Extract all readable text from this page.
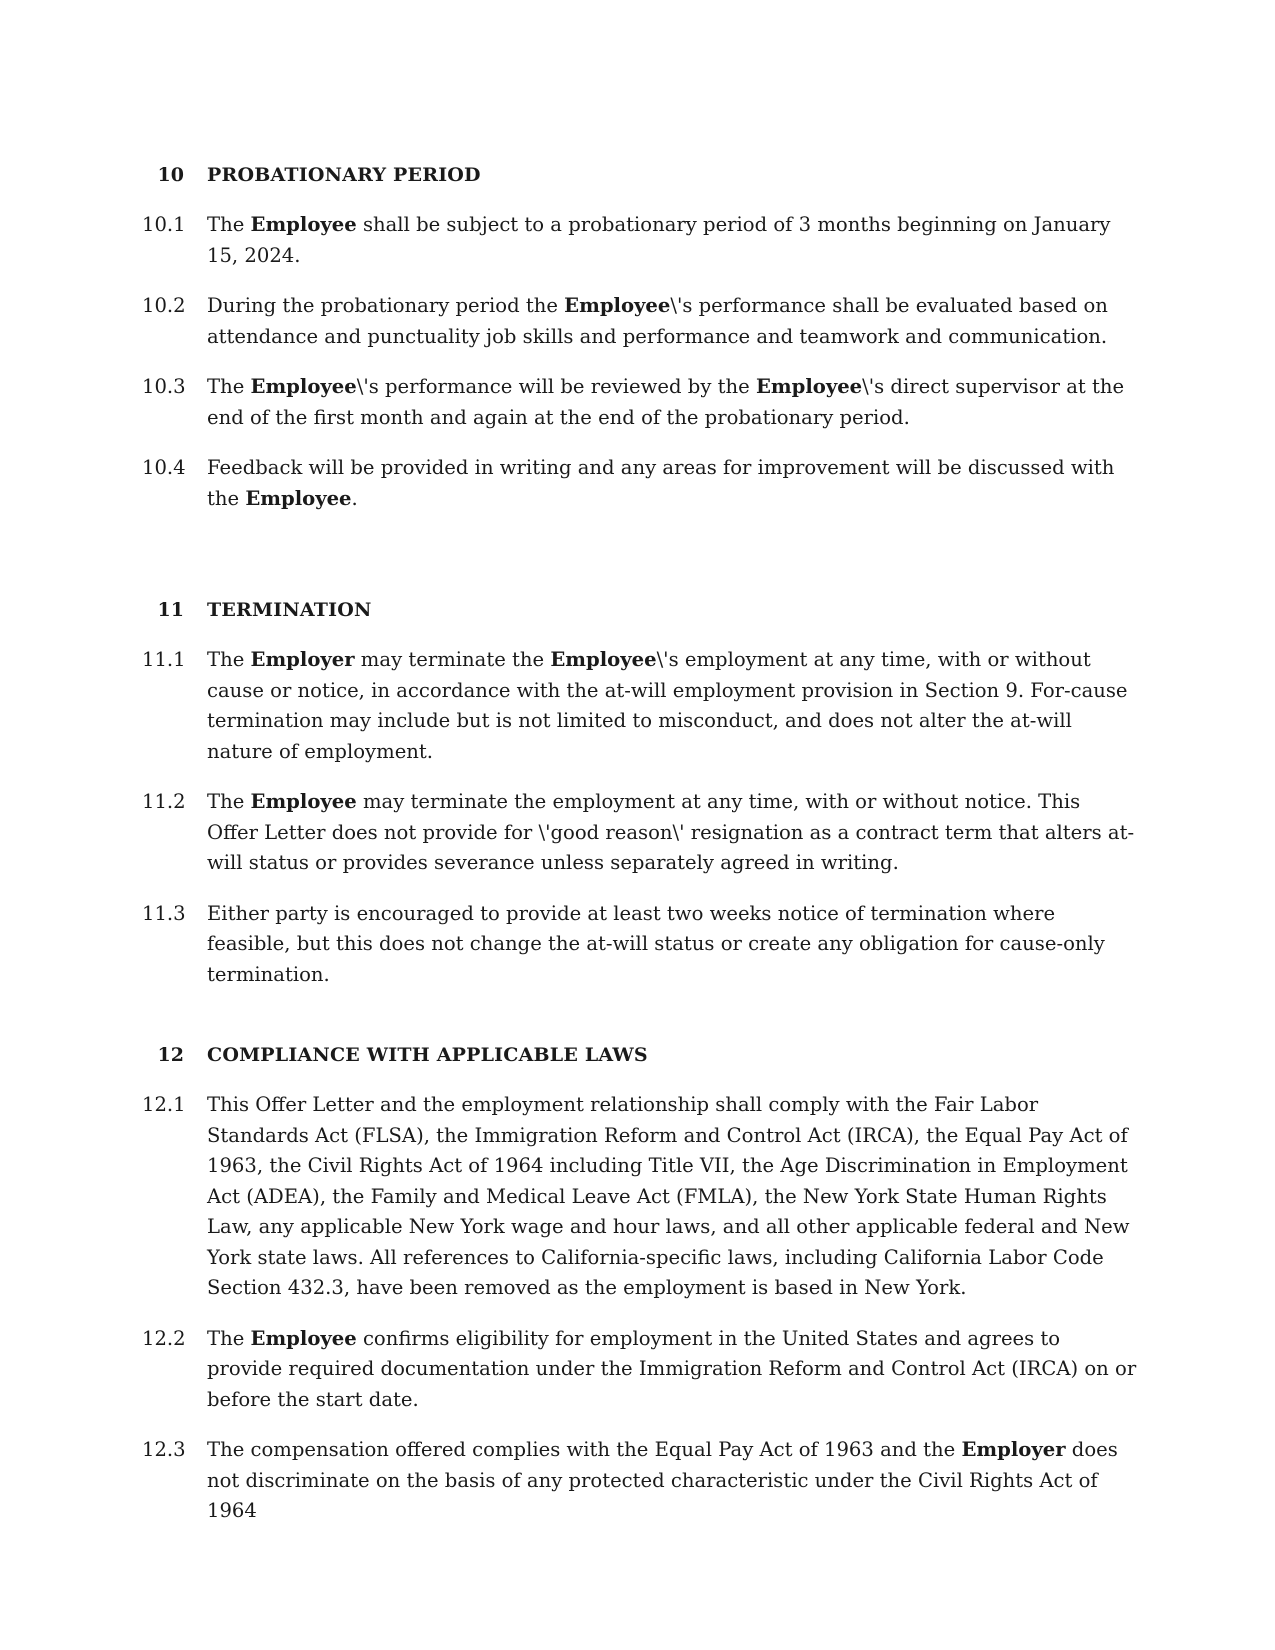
10 PROBATIONARY PERIOD
10.1	The Employee shall be subject to a probationary period of 3 months beginning on January 15, 2024.
10.2	During the probationary period the Employee\'s performance shall be evaluated based on attendance and punctuality job skills and performance and teamwork and communication.
10.3	The Employee\'s performance will be reviewed by the Employee\'s direct supervisor at the end of the first month and again at the end of the probationary period.
10.4	Feedback will be provided in writing and any areas for improvement will be discussed with the Employee.
11 TERMINATION
11.1	The Employer may terminate the Employee\'s employment at any time, with or without cause or notice, in accordance with the at-will employment provision in Section 9. For-cause termination may include but is not limited to misconduct, and does not alter the at-will nature of employment.
11.2	The Employee may terminate the employment at any time, with or without notice. This Offer Letter does not provide for \'good reason\' resignation as a contract term that alters at-will status or provides severance unless separately agreed in writing.
11.3	Either party is encouraged to provide at least two weeks notice of termination where feasible, but this does not change the at-will status or create any obligation for cause-only termination.
12 COMPLIANCE WITH APPLICABLE LAWS
12.1	This Offer Letter and the employment relationship shall comply with the Fair Labor Standards Act (FLSA), the Immigration Reform and Control Act (IRCA), the Equal Pay Act of 1963, the Civil Rights Act of 1964 including Title VII, the Age Discrimination in Employment Act (ADEA), the Family and Medical Leave Act (FMLA), the New York State Human Rights Law, any applicable New York wage and hour laws, and all other applicable federal and New York state laws. All references to California-specific laws, including California Labor Code Section 432.3, have been removed as the employment is based in New York.
12.2	The Employee confirms eligibility for employment in the United States and agrees to provide required documentation under the Immigration Reform and Control Act (IRCA) on or before the start date.
12.3	The compensation offered complies with the Equal Pay Act of 1963 and the Employer does not discriminate on the basis of any protected characteristic under the Civil Rights Act of 1964
